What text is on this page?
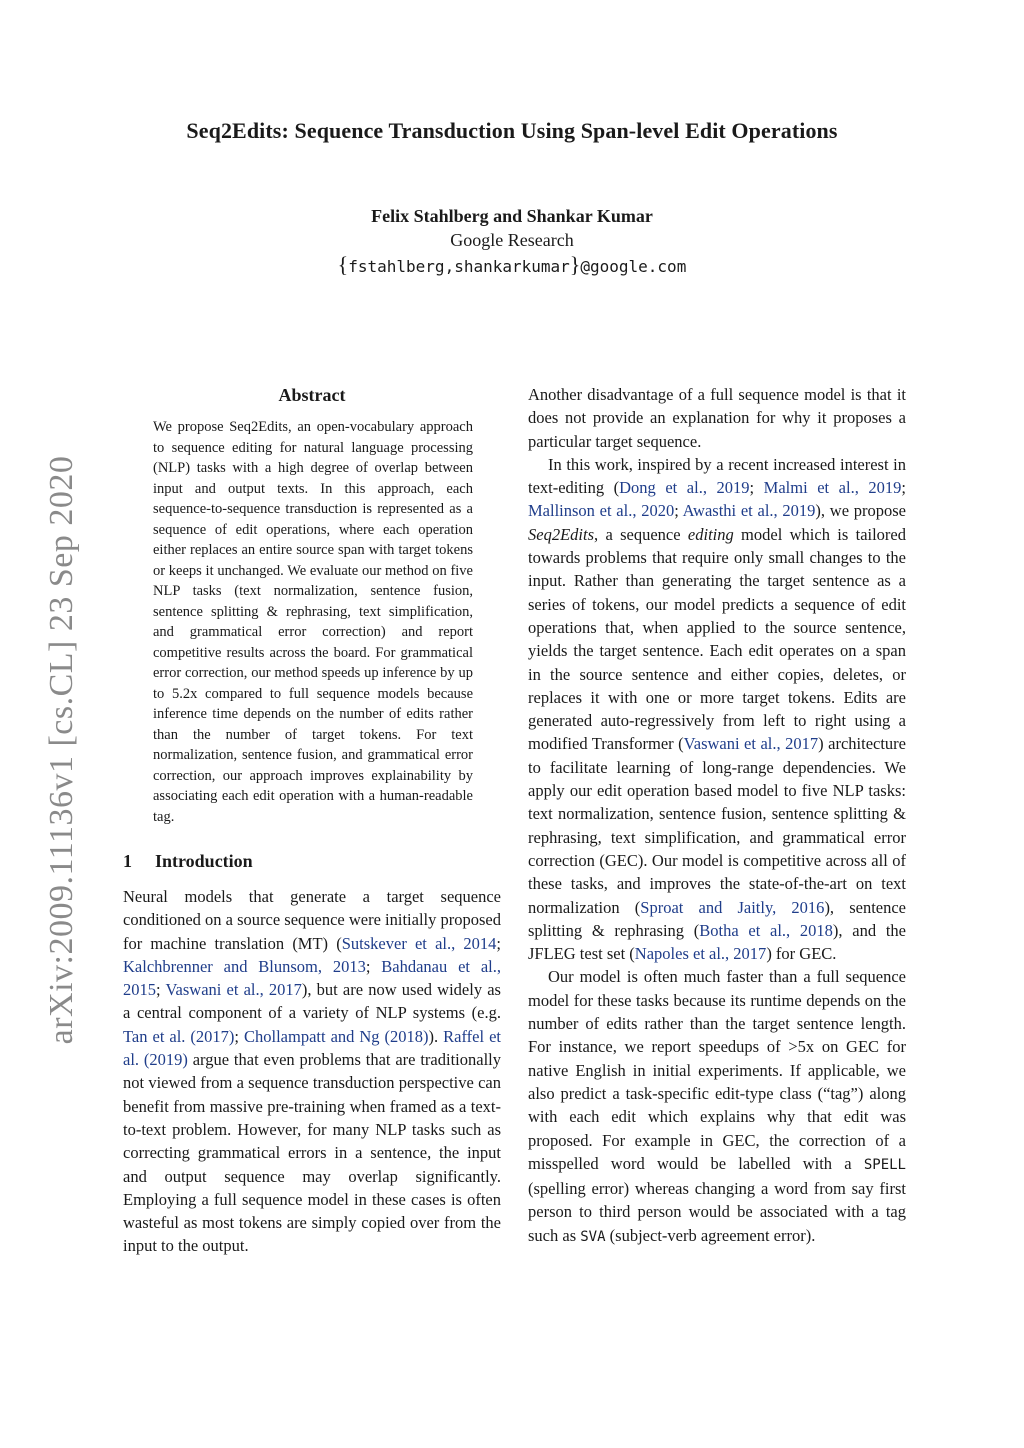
Seq2Edits: Sequence Transduction Using Span-level Edit Operations
Felix Stahlberg and Shankar Kumar
Google Research
{fstahlberg,shankarkumar}@google.com
arXiv:2009.11136v1 [cs.CL] 23 Sep 2020
Abstract

We propose Seq2Edits, an open-vocabulary approach to sequence editing for natural language processing (NLP) tasks with a high degree of overlap between input and output texts. In this approach, each sequence-to-sequence transduction is represented as a sequence of edit operations, where each operation either replaces an entire source span with target tokens or keeps it unchanged. We evaluate our method on five NLP tasks (text normalization, sentence fusion, sentence splitting & rephrasing, text simplification, and grammatical error correction) and report competitive results across the board. For grammatical error correction, our method speeds up inference by up to 5.2x compared to full sequence models because inference time depends on the number of edits rather than the number of target tokens. For text normalization, sentence fusion, and grammatical error correction, our approach improves explainability by associating each edit operation with a human-readable tag.

1 Introduction

Neural models that generate a target sequence conditioned on a source sequence were initially proposed for machine translation (MT) (Sutskever et al., 2014; Kalchbrenner and Blunsom, 2013; Bahdanau et al., 2015; Vaswani et al., 2017), but are now used widely as a central component of a variety of NLP systems (e.g. Tan et al. (2017); Chollampatt and Ng (2018)). Raffel et al. (2019) argue that even problems that are traditionally not viewed from a sequence transduction perspective can benefit from massive pre-training when framed as a text-to-text problem. However, for many NLP tasks such as correcting grammatical errors in a sentence, the input and output sequence may overlap significantly. Employing a full sequence model in these cases is often wasteful as most tokens are simply copied over from the input to the output.

Another disadvantage of a full sequence model is that it does not provide an explanation for why it proposes a particular target sequence.

In this work, inspired by a recent increased interest in text-editing (Dong et al., 2019; Malmi et al., 2019; Mallinson et al., 2020; Awasthi et al., 2019), we propose Seq2Edits, a sequence editing model which is tailored towards problems that require only small changes to the input. Rather than generating the target sentence as a series of tokens, our model predicts a sequence of edit operations that, when applied to the source sentence, yields the target sentence. Each edit operates on a span in the source sentence and either copies, deletes, or replaces it with one or more target tokens. Edits are generated auto-regressively from left to right using a modified Transformer (Vaswani et al., 2017) architecture to facilitate learning of long-range dependencies. We apply our edit operation based model to five NLP tasks: text normalization, sentence fusion, sentence splitting & rephrasing, text simplification, and grammatical error correction (GEC). Our model is competitive across all of these tasks, and improves the state-of-the-art on text normalization (Sproat and Jaitly, 2016), sentence splitting & rephrasing (Botha et al., 2018), and the JFLEG test set (Napoles et al., 2017) for GEC.

Our model is often much faster than a full sequence model for these tasks because its runtime depends on the number of edits rather than the target sentence length. For instance, we report speedups of >5x on GEC for native English in initial experiments. If applicable, we also predict a task-specific edit-type class (“tag”) along with each edit which explains why that edit was proposed. For example in GEC, the correction of a misspelled word would be labelled with a SPELL (spelling error) whereas changing a word from say first person to third person would be associated with a tag such as SVA (subject-verb agreement error).
